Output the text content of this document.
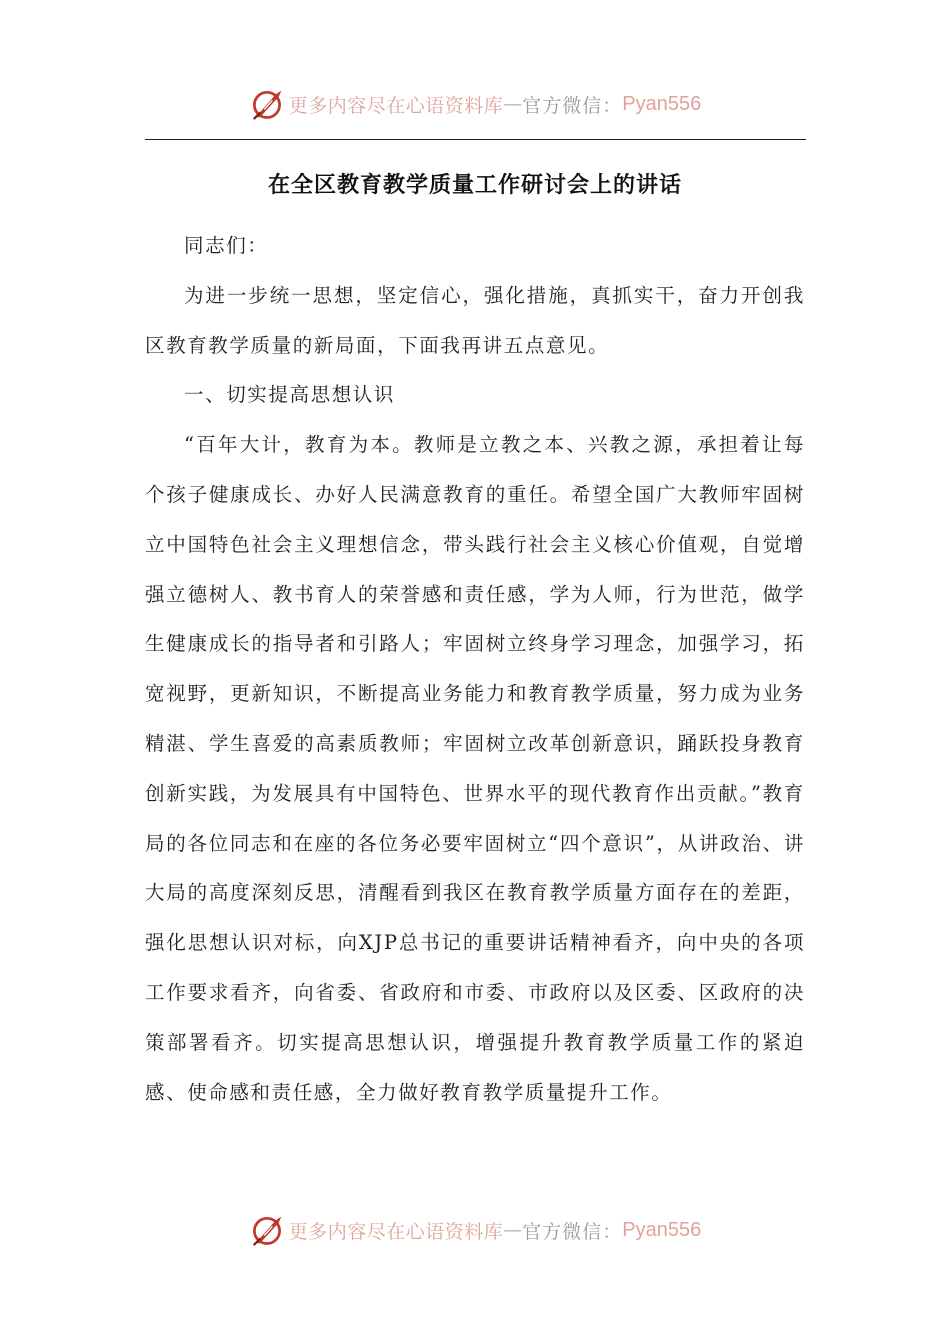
更多内容尽在心语资料库 — 官方微信： Pyan556
在全区教育教学质量工作研讨会上的讲话

同志们：

为进一步统一思想，坚定信心，强化措施，真抓实干，奋力开创我区教育教学质量的新局面，下面我再讲五点意见。

一、切实提高思想认识

“百年大计，教育为本。教师是立教之本、兴教之源，承担着让每个孩子健康成长、办好人民满意教育的重任。希望全国广大教师牢固树立中国特色社会主义理想信念，带头践行社会主义核心价值观，自觉增强立德树人、教书育人的荣誉感和责任感，学为人师，行为世范，做学生健康成长的指导者和引路人；牢固树立终身学习理念，加强学习，拓宽视野，更新知识，不断提高业务能力和教育教学质量，努力成为业务精湛、学生喜爱的高素质教师；牢固树立改革创新意识，踊跃投身教育创新实践，为发展具有中国特色、世界水平的现代教育作出贡献。”教育局的各位同志和在座的各位务必要牢固树立“四个意识”，从讲政治、讲大局的高度深刻反思，清醒看到我区在教育教学质量方面存在的差距，强化思想认识对标，向XJP总书记的重要讲话精神看齐，向中央的各项工作要求看齐，向省委、省政府和市委、市政府以及区委、区政府的决策部署看齐。切实提高思想认识，增强提升教育教学质量工作的紧迫感、使命感和责任感，全力做好教育教学质量提升工作。

更多内容尽在心语资料库 — 官方微信： Pyan556
